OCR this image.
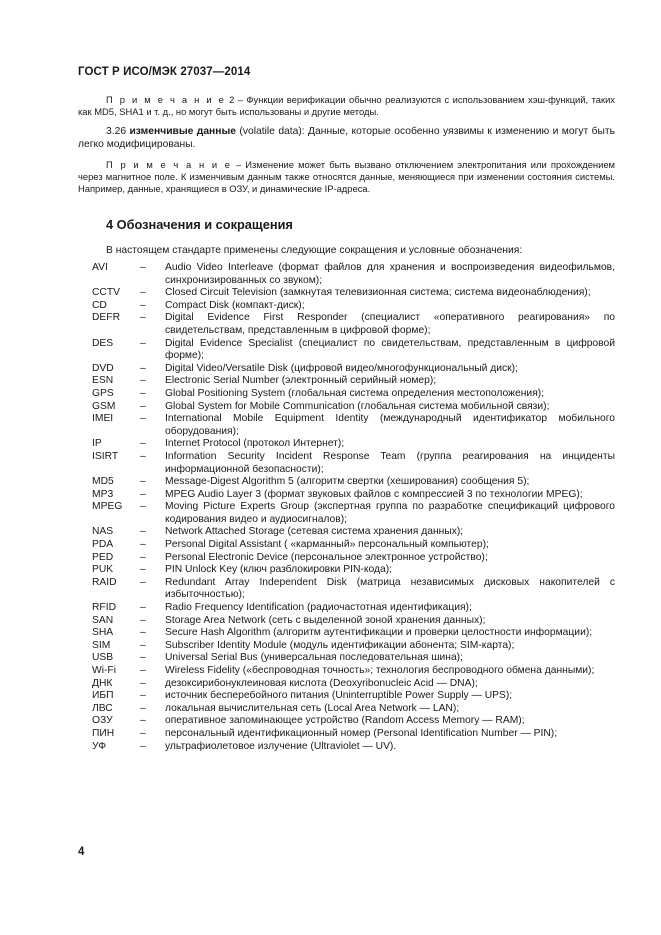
ГОСТ Р ИСО/МЭК 27037—2014

П р и м е ч а н и е 2 – Функции верификации обычно реализуются с использованием хэш-функций, таких как MD5, SHA1 и т. д., но могут быть использованы и другие методы.

3.26 изменчивые данные (volatile data): Данные, которые особенно уязвимы к изменению и могут быть легко модифицированы.

П р и м е ч а н и е – Изменение может быть вызвано отключением электропитания или прохождением через магнитное поле. К изменчивым данным также относятся данные, меняющиеся при изменении состояния системы. Например, данные, хранящиеся в ОЗУ, и динамические IP-адреса.

4 Обозначения и сокращения

В настоящем стандарте применены следующие сокращения и условные обозначения:

AVI	–	Audio Video Interleave (формат файлов для хранения и воспроизведения видеофильмов, синхронизированных со звуком);
CCTV	–	Closed Circuit Television (замкнутая телевизионная система; система видеонаблюдения);
CD	–	Compact Disk (компакт-диск);
DEFR	–	Digital Evidence First Responder (специалист «оперативного реагирования» по свидетельствам, представленным в цифровой форме);
DES	–	Digital Evidence Specialist (специалист по свидетельствам, представленным в цифровой форме);
DVD	–	Digital Video/Versatile Disk (цифровой видео/многофункциональный диск);
ESN	–	Electronic Serial Number (электронный серийный номер);
GPS	–	Global Positioning System (глобальная система определения местоположения);
GSM	–	Global System for Mobile Communication (глобальная система мобильной связи);
IMEI	–	International Mobile Equipment Identity (международный идентификатор мобильного оборудования);
IP	–	Internet Protocol (протокол Интернет);
ISIRT	–	Information Security Incident Response Team (группа реагирования на инциденты информационной безопасности);
MD5	–	Message-Digest Algorithm 5 (алгоритм свертки (хеширования) сообщения 5);
MP3	–	MPEG Audio Layer 3 (формат звуковых файлов с компрессией 3 по технологии MPEG);
MPEG	–	Moving Picture Experts Group (экспертная группа по разработке спецификаций цифрового кодирования видео и аудиосигналов);
NAS	–	Network Attached Storage (сетевая система хранения данных);
PDA	–	Personal Digital Assistant ( «карманный» персональный компьютер);
PED	–	Personal Electronic Device (персональное электронное устройство);
PUK	–	PIN Unlock Key (ключ разблокировки PIN-кода);
RAID	–	Redundant Array Independent Disk (матрица независимых дисковых накопителей с избыточностью);
RFID	–	Radio Frequency Identification (радиочастотная идентификация);
SAN	–	Storage Area Network (сеть с выделенной зоной хранения данных);
SHA	–	Secure Hash Algorithm (алгоритм аутентификации и проверки целостности информации);
SIM	–	Subscriber Identity Module (модуль идентификации абонента; SIM-карта);
USB	–	Universal Serial Bus (универсальная последовательная шина);
Wi-Fi	–	Wireless Fidelity («беспроводная точность»; технология беспроводного обмена данными);
ДНК	–	дезоксирибонуклеиновая кислота (Deoxyribonucleic Acid — DNA);
ИБП	–	источник бесперебойного питания (Uninterruptible Power Supply — UPS);
ЛВС	–	локальная вычислительная сеть (Local Area Network — LAN);
ОЗУ	–	оперативное запоминающее устройство (Random Access Memory — RAM);
ПИН	–	персональный идентификационный номер (Personal Identification Number — PIN);
УФ	–	ультрафиолетовое излучение (Ultraviolet — UV).
4
